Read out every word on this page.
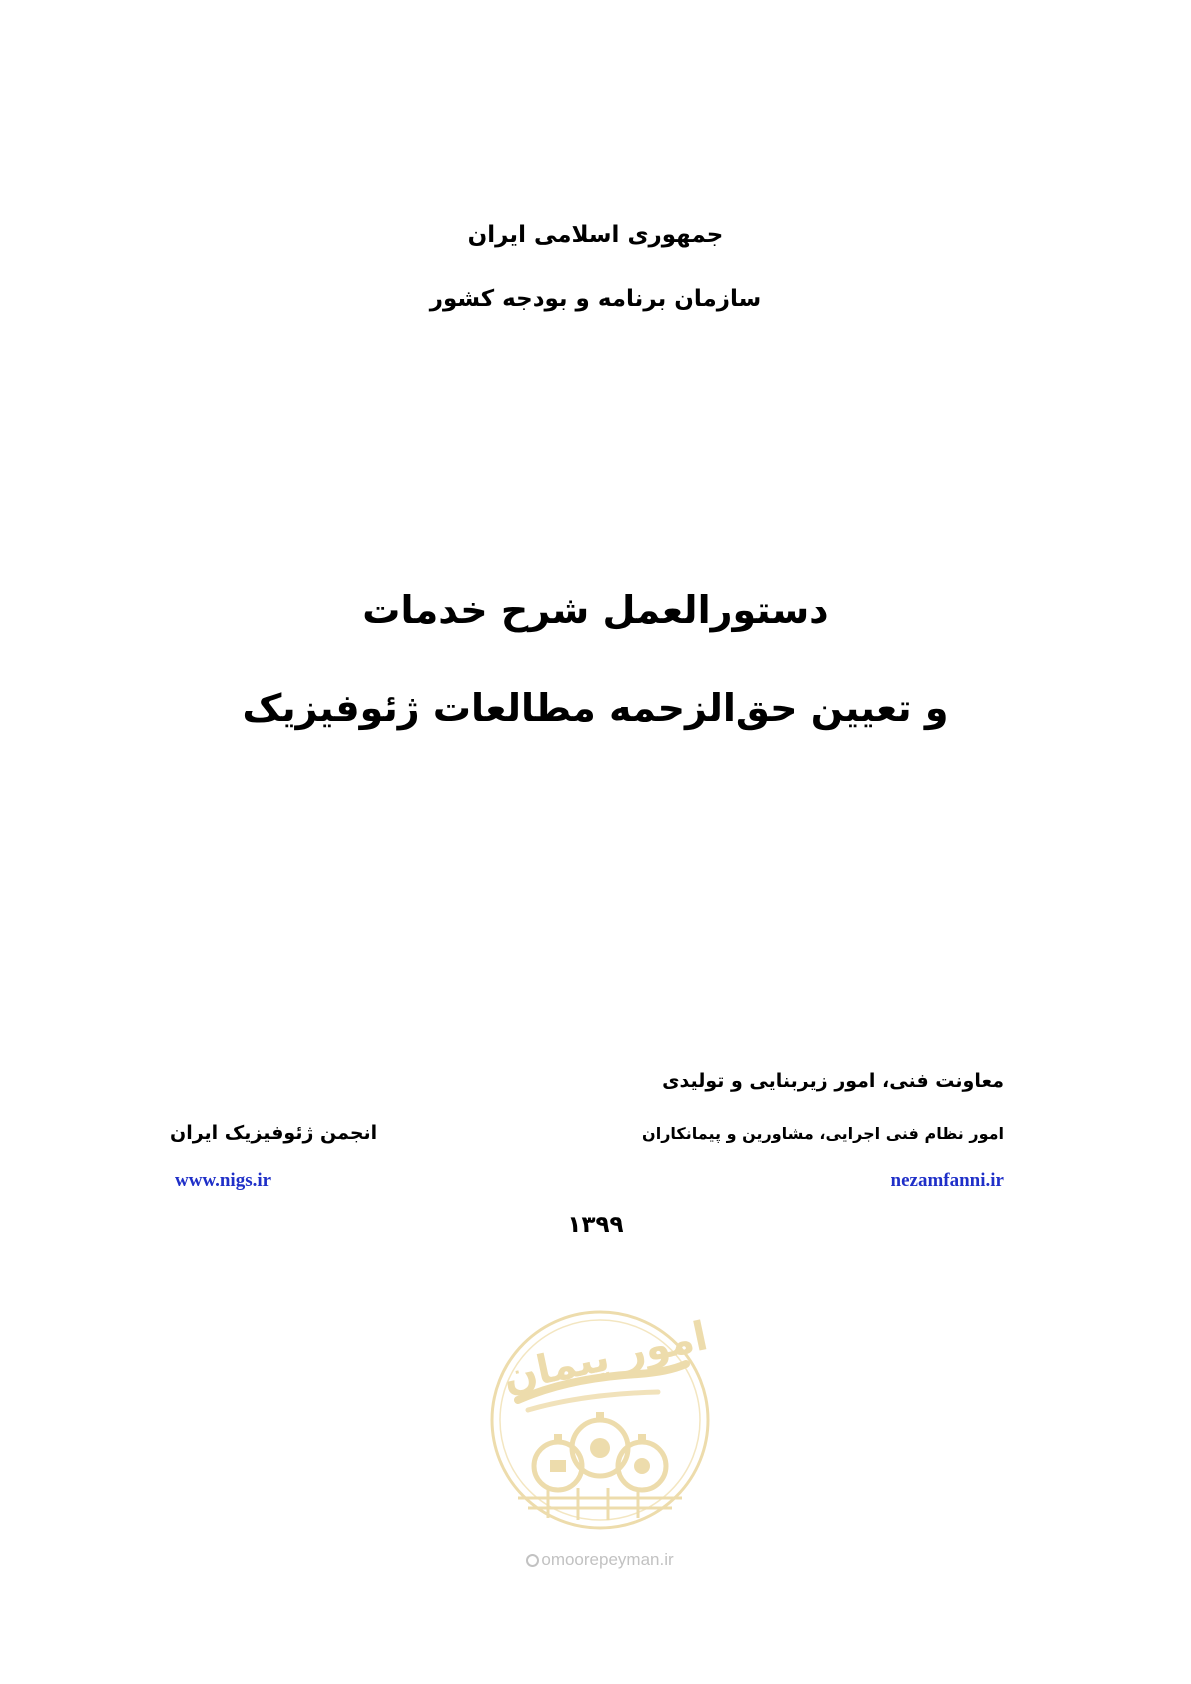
جمهوری اسلامی ایران
سازمان برنامه و بودجه کشور
دستورالعمل شرح خدمات
و تعیین حق‌الزحمه مطالعات ژئوفیزیک
معاونت فنی، امور زیربنایی و تولیدی
امور نظام فنی اجرایی، مشاورین و پیمانکاران
انجمن ژئوفیزیک ایران
nezamfanni.ir
www.nigs.ir
۱۳۹۹
امور پیمان
omoorepeyman.ir
